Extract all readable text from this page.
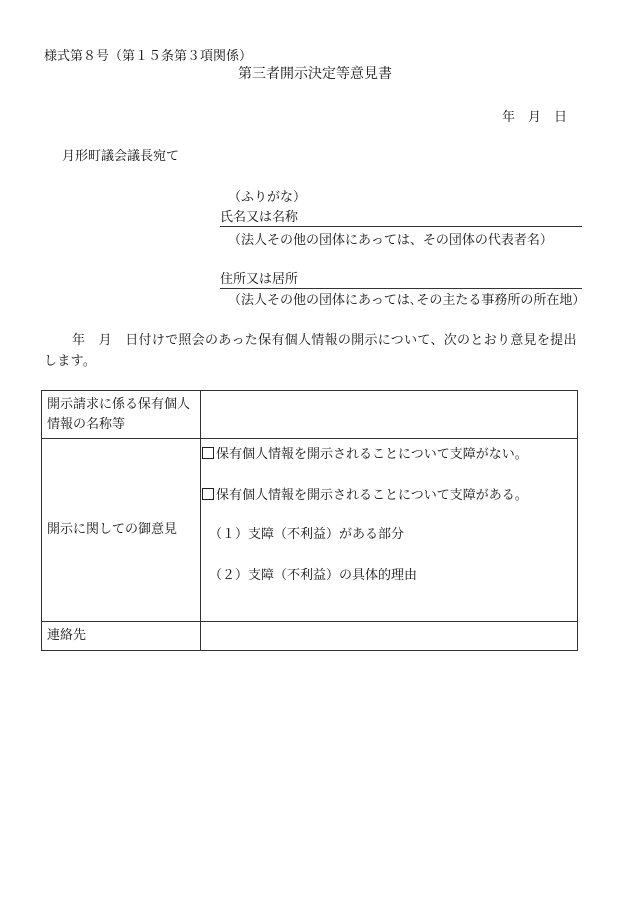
様式第８号（第１５条第３項関係）
第三者開示決定等意見書
年　月　日
月形町議会議長宛て
（ふりがな）
氏名又は名称
（法人その他の団体にあっては、その団体の代表者名）
住所又は居所
（法人その他の団体にあっては､その主たる事務所の所在地）
年　月　日付けで照会のあった保有個人情報の開示について、次のとおり意見を提出します。
開示請求に係る保有個人情報の名称等	
開示に関しての御意見	保有個人情報を開示されることについて支障がない。
保有個人情報を開示されることについて支障がある。
（１）支障（不利益）がある部分
（２）支障（不利益）の具体的理由

連絡先	
